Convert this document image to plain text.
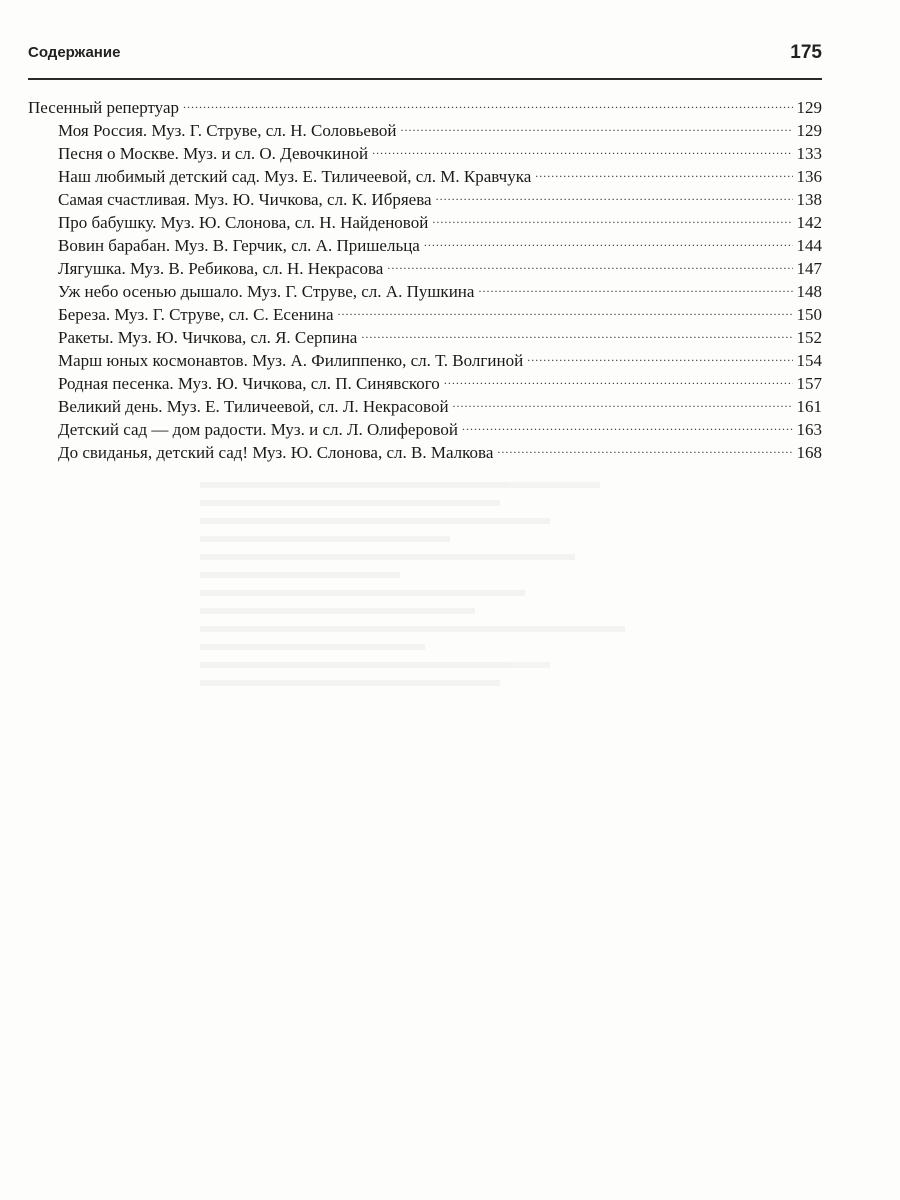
Содержание	175
Песенный репертуар .....	129
Моя Россия. Муз. Г. Струве, сл. Н. Соловьевой .....	129
Песня о Москве. Муз. и сл. О. Девочкиной .....	133
Наш любимый детский сад. Муз. Е. Тиличеевой, сл. М. Кравчука .....	136
Самая счастливая. Муз. Ю. Чичкова, сл. К. Ибряева .....	138
Про бабушку. Муз. Ю. Слонова, сл. Н. Найденовой .....	142
Вовин барабан. Муз. В. Герчик, сл. А. Пришельца .....	144
Лягушка. Муз. В. Ребикова, сл. Н. Некрасова .....	147
Уж небо осенью дышало. Муз. Г. Струве, сл. А. Пушкина .....	148
Береза. Муз. Г. Струве, сл. С. Есенина .....	150
Ракеты. Муз. Ю. Чичкова, сл. Я. Серпина .....	152
Марш юных космонавтов. Муз. А. Филиппенко, сл. Т. Волгиной .....	154
Родная песенка. Муз. Ю. Чичкова, сл. П. Синявского .....	157
Великий день. Муз. Е. Тиличеевой, сл. Л. Некрасовой .....	161
Детский сад — дом радости. Муз. и сл. Л. Олиферовой .....	163
До свиданья, детский сад! Муз. Ю. Слонова, сл. В. Малкова .....	168
